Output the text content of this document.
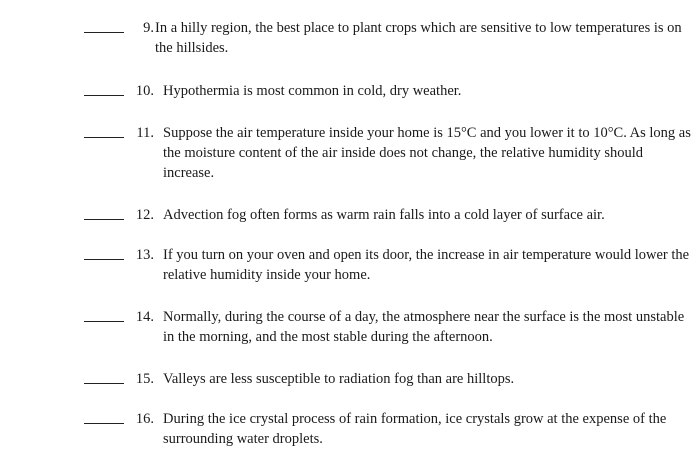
9. In a hilly region, the best place to plant crops which are sensitive to low temperatures is on the hillsides.
10. Hypothermia is most common in cold, dry weather.
11. Suppose the air temperature inside your home is 15°C and you lower it to 10°C. As long as the moisture content of the air inside does not change, the relative humidity should increase.
12. Advection fog often forms as warm rain falls into a cold layer of surface air.
13. If you turn on your oven and open its door, the increase in air temperature would lower the relative humidity inside your home.
14. Normally, during the course of a day, the atmosphere near the surface is the most unstable in the morning, and the most stable during the afternoon.
15. Valleys are less susceptible to radiation fog than are hilltops.
16. During the ice crystal process of rain formation, ice crystals grow at the expense of the surrounding water droplets.
